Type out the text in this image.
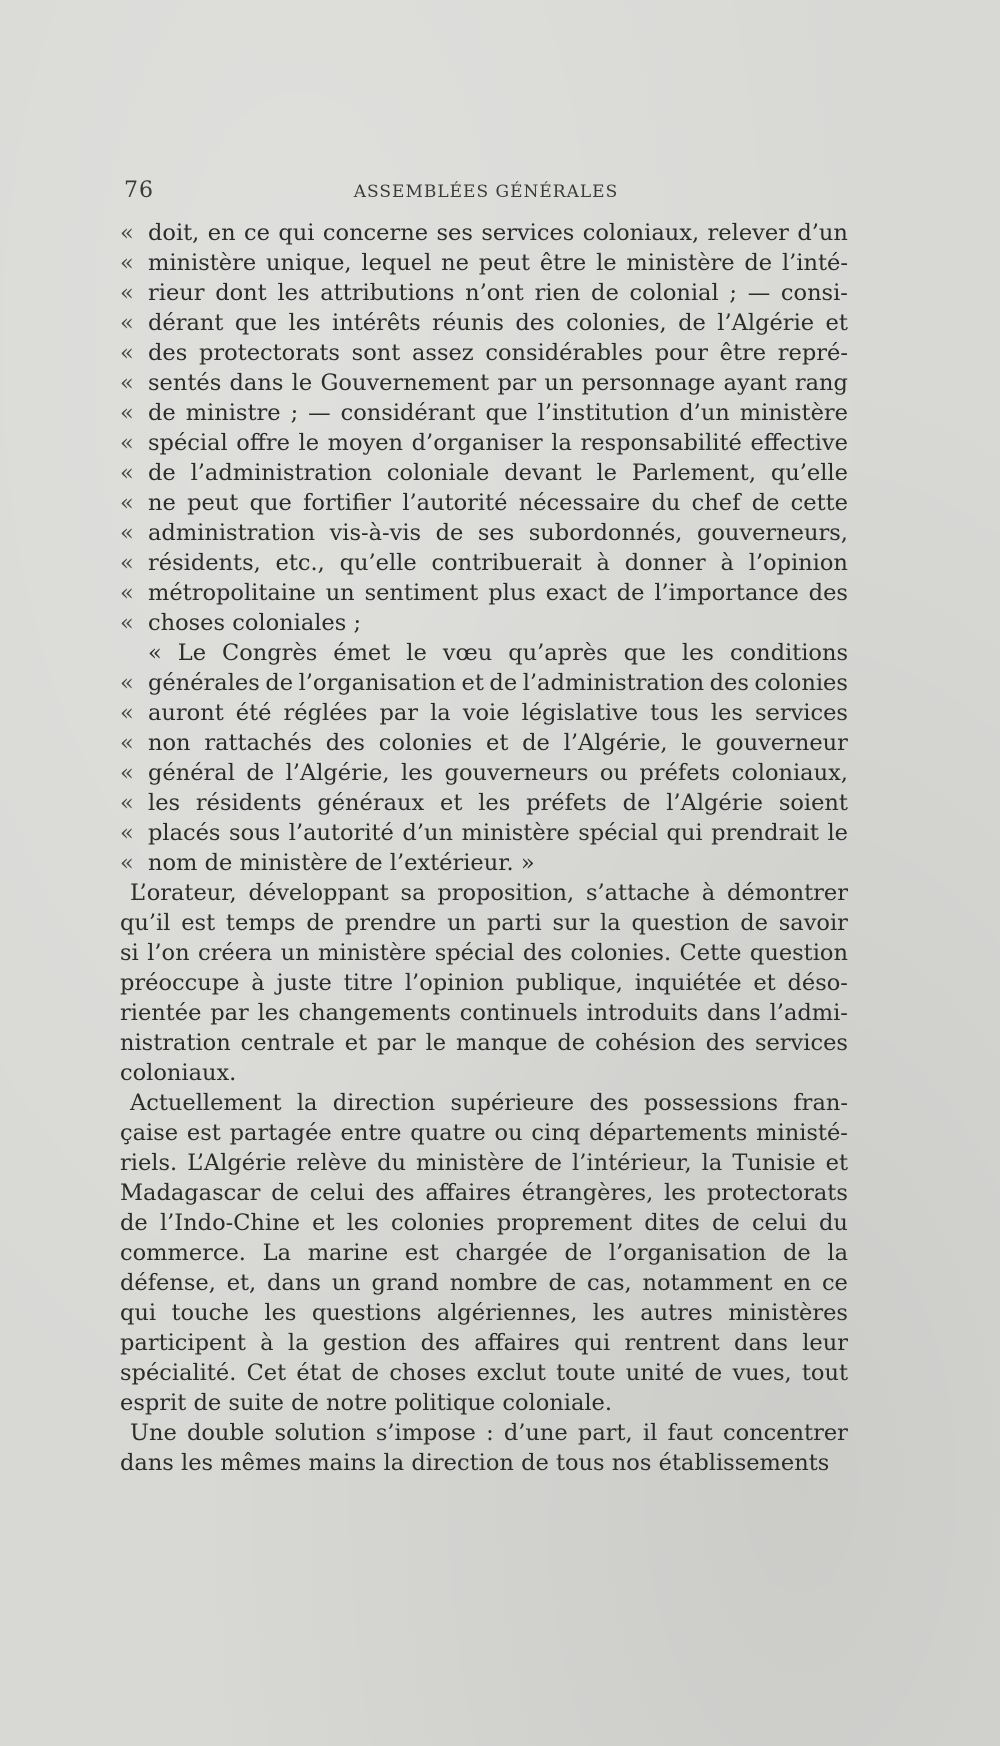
76	ASSEMBLÉES GÉNÉRALES
« doit, en ce qui concerne ses services coloniaux, relever d’un
« ministère unique, lequel ne peut être le ministère de l’inté-
« rieur dont les attributions n’ont rien de colonial ; — consi-
« dérant que les intérêts réunis des colonies, de l’Algérie et
« des protectorats sont assez considérables pour être repré-
« sentés dans le Gouvernement par un personnage ayant rang
« de ministre ; — considérant que l’institution d’un ministère
« spécial offre le moyen d’organiser la responsabilité effective
« de l’administration coloniale devant le Parlement, qu’elle
« ne peut que fortifier l’autorité nécessaire du chef de cette
« administration vis-à-vis de ses subordonnés, gouverneurs,
« résidents, etc., qu’elle contribuerait à donner à l’opinion
« métropolitaine un sentiment plus exact de l’importance des
« choses coloniales ;
« Le Congrès émet le vœu qu’après que les conditions
« générales de l’organisation et de l’administration des colonies
« auront été réglées par la voie législative tous les services
« non rattachés des colonies et de l’Algérie, le gouverneur
« général de l’Algérie, les gouverneurs ou préfets coloniaux,
« les résidents généraux et les préfets de l’Algérie soient
« placés sous l’autorité d’un ministère spécial qui prendrait le
« nom de ministère de l’extérieur. »
L’orateur, développant sa proposition, s’attache à démontrer
qu’il est temps de prendre un parti sur la question de savoir
si l’on créera un ministère spécial des colonies. Cette question
préoccupe à juste titre l’opinion publique, inquiétée et déso-
rientée par les changements continuels introduits dans l’admi-
nistration centrale et par le manque de cohésion des services
coloniaux.
Actuellement la direction supérieure des possessions fran-
çaise est partagée entre quatre ou cinq départements ministé-
riels. L’Algérie relève du ministère de l’intérieur, la Tunisie et
Madagascar de celui des affaires étrangères, les protectorats
de l’Indo-Chine et les colonies proprement dites de celui du
commerce. La marine est chargée de l’organisation de la
défense, et, dans un grand nombre de cas, notamment en ce
qui touche les questions algériennes, les autres ministères
participent à la gestion des affaires qui rentrent dans leur
spécialité. Cet état de choses exclut toute unité de vues, tout
esprit de suite de notre politique coloniale.
Une double solution s’impose : d’une part, il faut concentrer
dans les mêmes mains la direction de tous nos établissements
